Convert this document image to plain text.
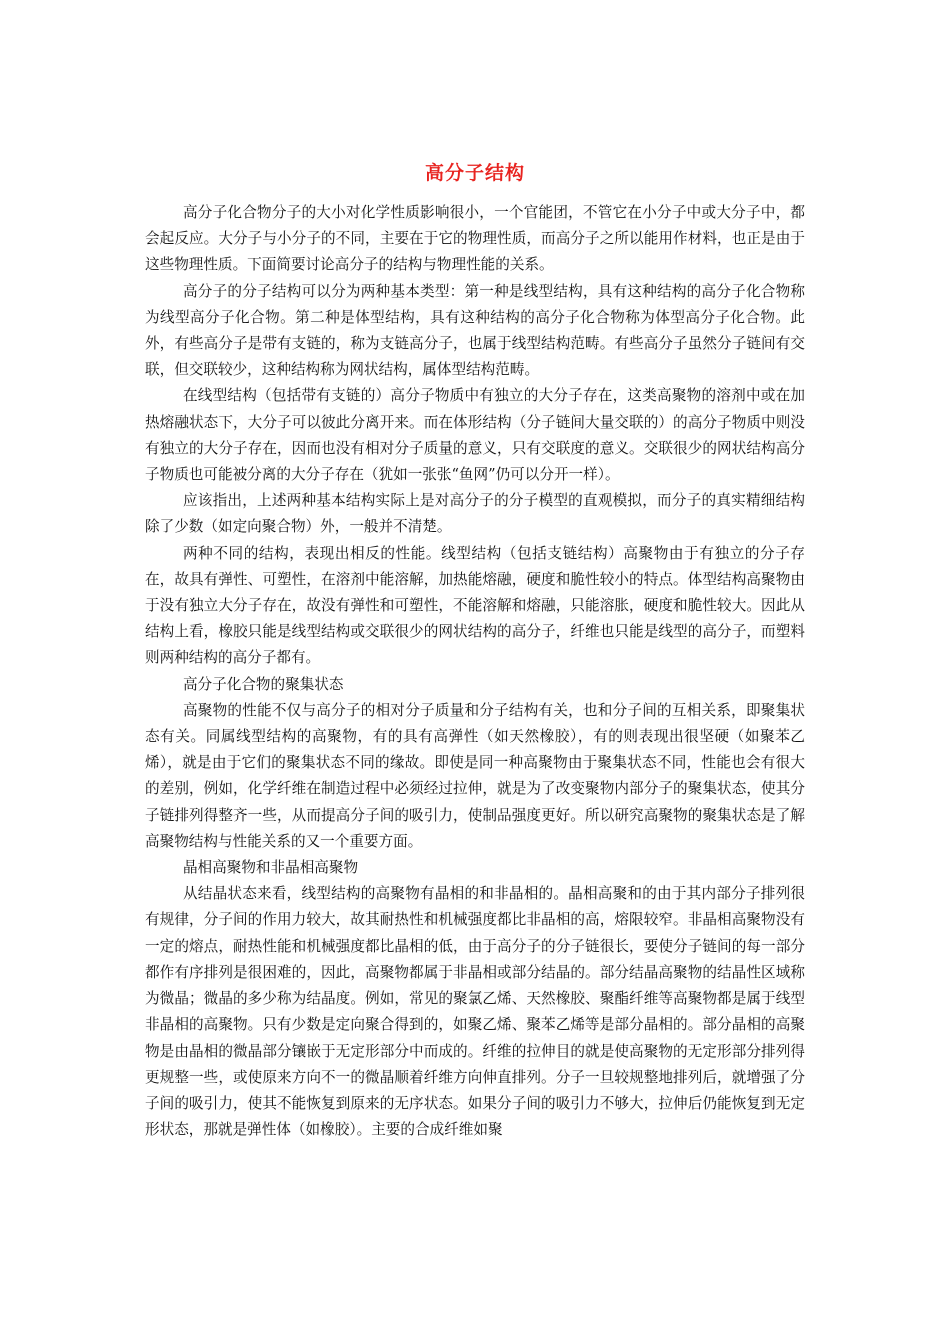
高分子结构

高分子化合物分子的大小对化学性质影响很小，一个官能团，不管它在小分子中或大分子中，都会起反应。大分子与小分子的不同，主要在于它的物理性质，而高分子之所以能用作材料，也正是由于这些物理性质。下面简要讨论高分子的结构与物理性能的关系。

高分子的分子结构可以分为两种基本类型：第一种是线型结构，具有这种结构的高分子化合物称为线型高分子化合物。第二种是体型结构，具有这种结构的高分子化合物称为体型高分子化合物。此外，有些高分子是带有支链的，称为支链高分子，也属于线型结构范畴。有些高分子虽然分子链间有交联，但交联较少，这种结构称为网状结构，属体型结构范畴。

在线型结构（包括带有支链的）高分子物质中有独立的大分子存在，这类高聚物的溶剂中或在加热熔融状态下，大分子可以彼此分离开来。而在体形结构（分子链间大量交联的）的高分子物质中则没有独立的大分子存在，因而也没有相对分子质量的意义，只有交联度的意义。交联很少的网状结构高分子物质也可能被分离的大分子存在（犹如一张张“鱼网”仍可以分开一样）。

应该指出，上述两种基本结构实际上是对高分子的分子模型的直观模拟，而分子的真实精细结构除了少数（如定向聚合物）外，一般并不清楚。

两种不同的结构，表现出相反的性能。线型结构（包括支链结构）高聚物由于有独立的分子存在，故具有弹性、可塑性，在溶剂中能溶解，加热能熔融，硬度和脆性较小的特点。体型结构高聚物由于没有独立大分子存在，故没有弹性和可塑性，不能溶解和熔融，只能溶胀，硬度和脆性较大。因此从结构上看，橡胶只能是线型结构或交联很少的网状结构的高分子，纤维也只能是线型的高分子，而塑料则两种结构的高分子都有。

高分子化合物的聚集状态

高聚物的性能不仅与高分子的相对分子质量和分子结构有关，也和分子间的互相关系，即聚集状态有关。同属线型结构的高聚物，有的具有高弹性（如天然橡胶），有的则表现出很坚硬（如聚苯乙烯），就是由于它们的聚集状态不同的缘故。即使是同一种高聚物由于聚集状态不同，性能也会有很大的差别，例如，化学纤维在制造过程中必须经过拉伸，就是为了改变聚物内部分子的聚集状态，使其分子链排列得整齐一些，从而提高分子间的吸引力，使制品强度更好。所以研究高聚物的聚集状态是了解高聚物结构与性能关系的又一个重要方面。

晶相高聚物和非晶相高聚物

从结晶状态来看，线型结构的高聚物有晶相的和非晶相的。晶相高聚和的由于其内部分子排列很有规律，分子间的作用力较大，故其耐热性和机械强度都比非晶相的高，熔限较窄。非晶相高聚物没有一定的熔点，耐热性能和机械强度都比晶相的低，由于高分子的分子链很长，要使分子链间的每一部分都作有序排列是很困难的，因此，高聚物都属于非晶相或部分结晶的。部分结晶高聚物的结晶性区域称为微晶；微晶的多少称为结晶度。例如，常见的聚氯乙烯、天然橡胶、聚酯纤维等高聚物都是属于线型非晶相的高聚物。只有少数是定向聚合得到的，如聚乙烯、聚苯乙烯等是部分晶相的。部分晶相的高聚物是由晶相的微晶部分镶嵌于无定形部分中而成的。纤维的拉伸目的就是使高聚物的无定形部分排列得更规整一些，或使原来方向不一的微晶顺着纤维方向伸直排列。分子一旦较规整地排列后，就增强了分子间的吸引力，使其不能恢复到原来的无序状态。如果分子间的吸引力不够大，拉伸后仍能恢复到无定形状态，那就是弹性体（如橡胶）。主要的合成纤维如聚
